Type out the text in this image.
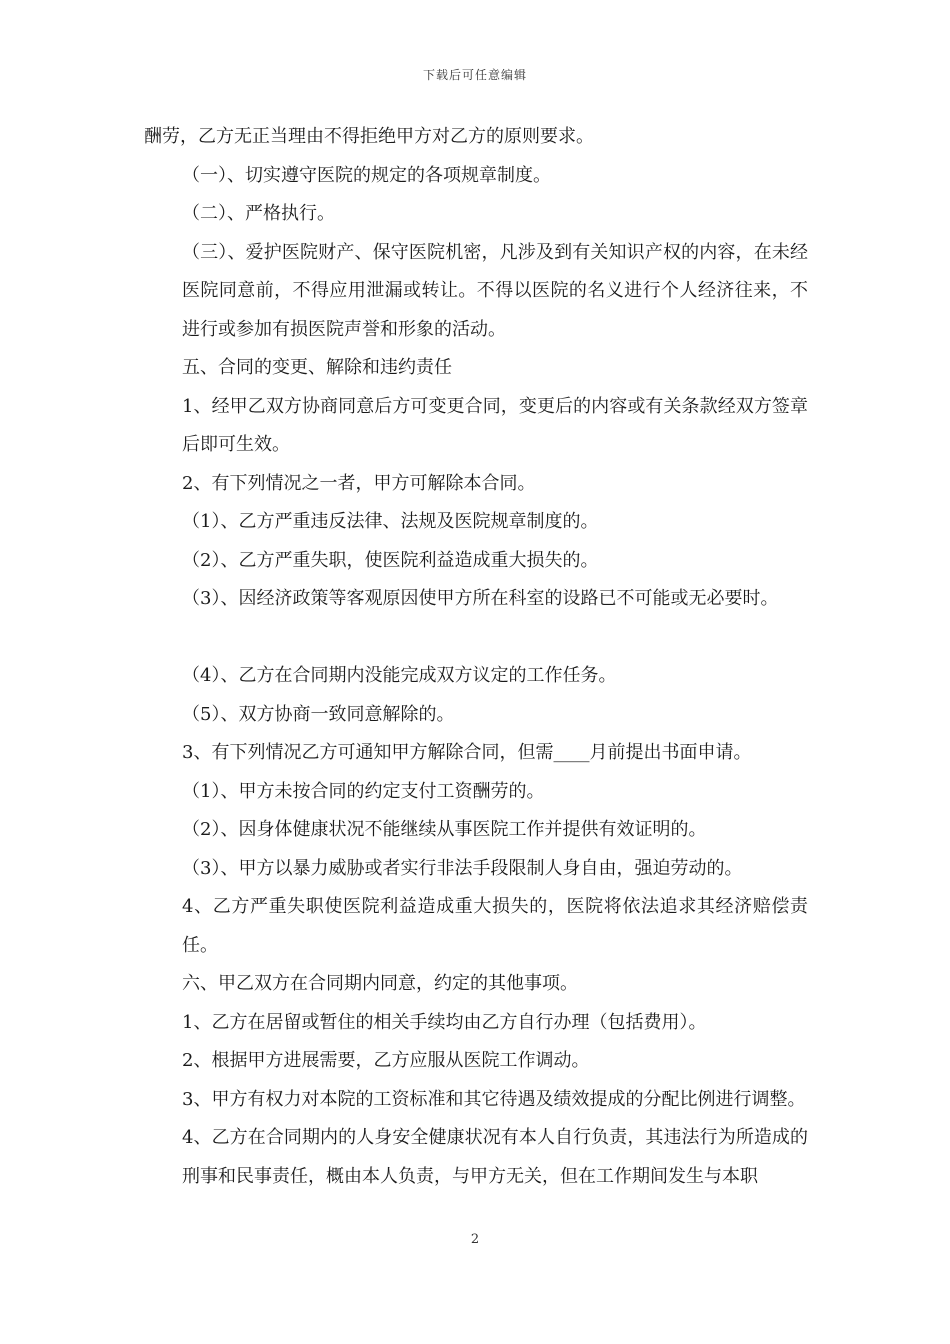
下载后可任意编辑

酬劳，乙方无正当理由不得拒绝甲方对乙方的原则要求。

（一）、切实遵守医院的规定的各项规章制度。

（二）、严格执行。

（三）、爱护医院财产、保守医院机密，凡涉及到有关知识产权的内容，在未经医院同意前，不得应用泄漏或转让。不得以医院的名义进行个人经济往来，不进行或参加有损医院声誉和形象的活动。

五、合同的变更、解除和违约责任

1、经甲乙双方协商同意后方可变更合同，变更后的内容或有关条款经双方签章后即可生效。

2、有下列情况之一者，甲方可解除本合同。

（1）、乙方严重违反法律、法规及医院规章制度的。

（2）、乙方严重失职，使医院利益造成重大损失的。

（3）、因经济政策等客观原因使甲方所在科室的设路已不可能或无必要时。

（4）、乙方在合同期内没能完成双方议定的工作任务。

（5）、双方协商一致同意解除的。

3、有下列情况乙方可通知甲方解除合同，但需____月前提出书面申请。

（1）、甲方未按合同的约定支付工资酬劳的。

（2）、因身体健康状况不能继续从事医院工作并提供有效证明的。

（3）、甲方以暴力威胁或者实行非法手段限制人身自由，强迫劳动的。

4、乙方严重失职使医院利益造成重大损失的，医院将依法追求其经济赔偿责任。

六、甲乙双方在合同期内同意，约定的其他事项。

1、乙方在居留或暂住的相关手续均由乙方自行办理（包括费用）。

2、根据甲方进展需要，乙方应服从医院工作调动。

3、甲方有权力对本院的工资标准和其它待遇及绩效提成的分配比例进行调整。

4、乙方在合同期内的人身安全健康状况有本人自行负责，其违法行为所造成的刑事和民事责任，概由本人负责，与甲方无关，但在工作期间发生与本职

2
